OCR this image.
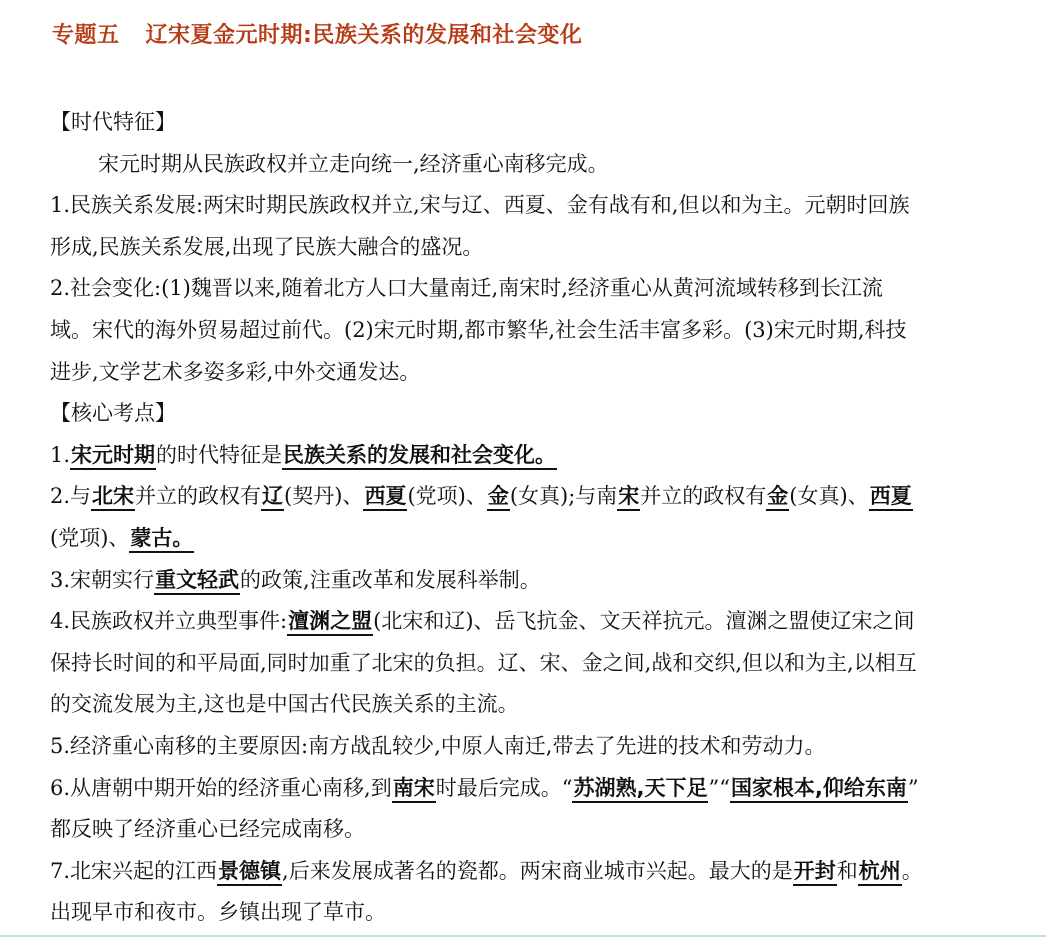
专题五 辽宋夏金元时期:民族关系的发展和社会变化
【时代特征】
宋元时期从民族政权并立走向统一,经济重心南移完成。
1.民族关系发展:两宋时期民族政权并立,宋与辽、西夏、金有战有和,但以和为主。元朝时回族
形成,民族关系发展,出现了民族大融合的盛况。
2.社会变化:(1)魏晋以来,随着北方人口大量南迁,南宋时,经济重心从黄河流域转移到长江流
域。宋代的海外贸易超过前代。(2)宋元时期,都市繁华,社会生活丰富多彩。(3)宋元时期,科技
进步,文学艺术多姿多彩,中外交通发达。
【核心考点】
1.宋元时期的时代特征是民族关系的发展和社会变化。
2.与北宋并立的政权有辽(契丹)、西夏(党项)、金(女真);与南宋并立的政权有金(女真)、西夏
(党项)、蒙古。
3.宋朝实行重文轻武的政策,注重改革和发展科举制。
4.民族政权并立典型事件:澶渊之盟(北宋和辽)、岳飞抗金、文天祥抗元。澶渊之盟使辽宋之间
保持长时间的和平局面,同时加重了北宋的负担。辽、宋、金之间,战和交织,但以和为主,以相互
的交流发展为主,这也是中国古代民族关系的主流。
5.经济重心南移的主要原因:南方战乱较少,中原人南迁,带去了先进的技术和劳动力。
6.从唐朝中期开始的经济重心南移,到南宋时最后完成。“苏湖熟,天下足”“国家根本,仰给东南”
都反映了经济重心已经完成南移。
7.北宋兴起的江西景德镇,后来发展成著名的瓷都。两宋商业城市兴起。最大的是开封和杭州。
出现早市和夜市。乡镇出现了草市。
